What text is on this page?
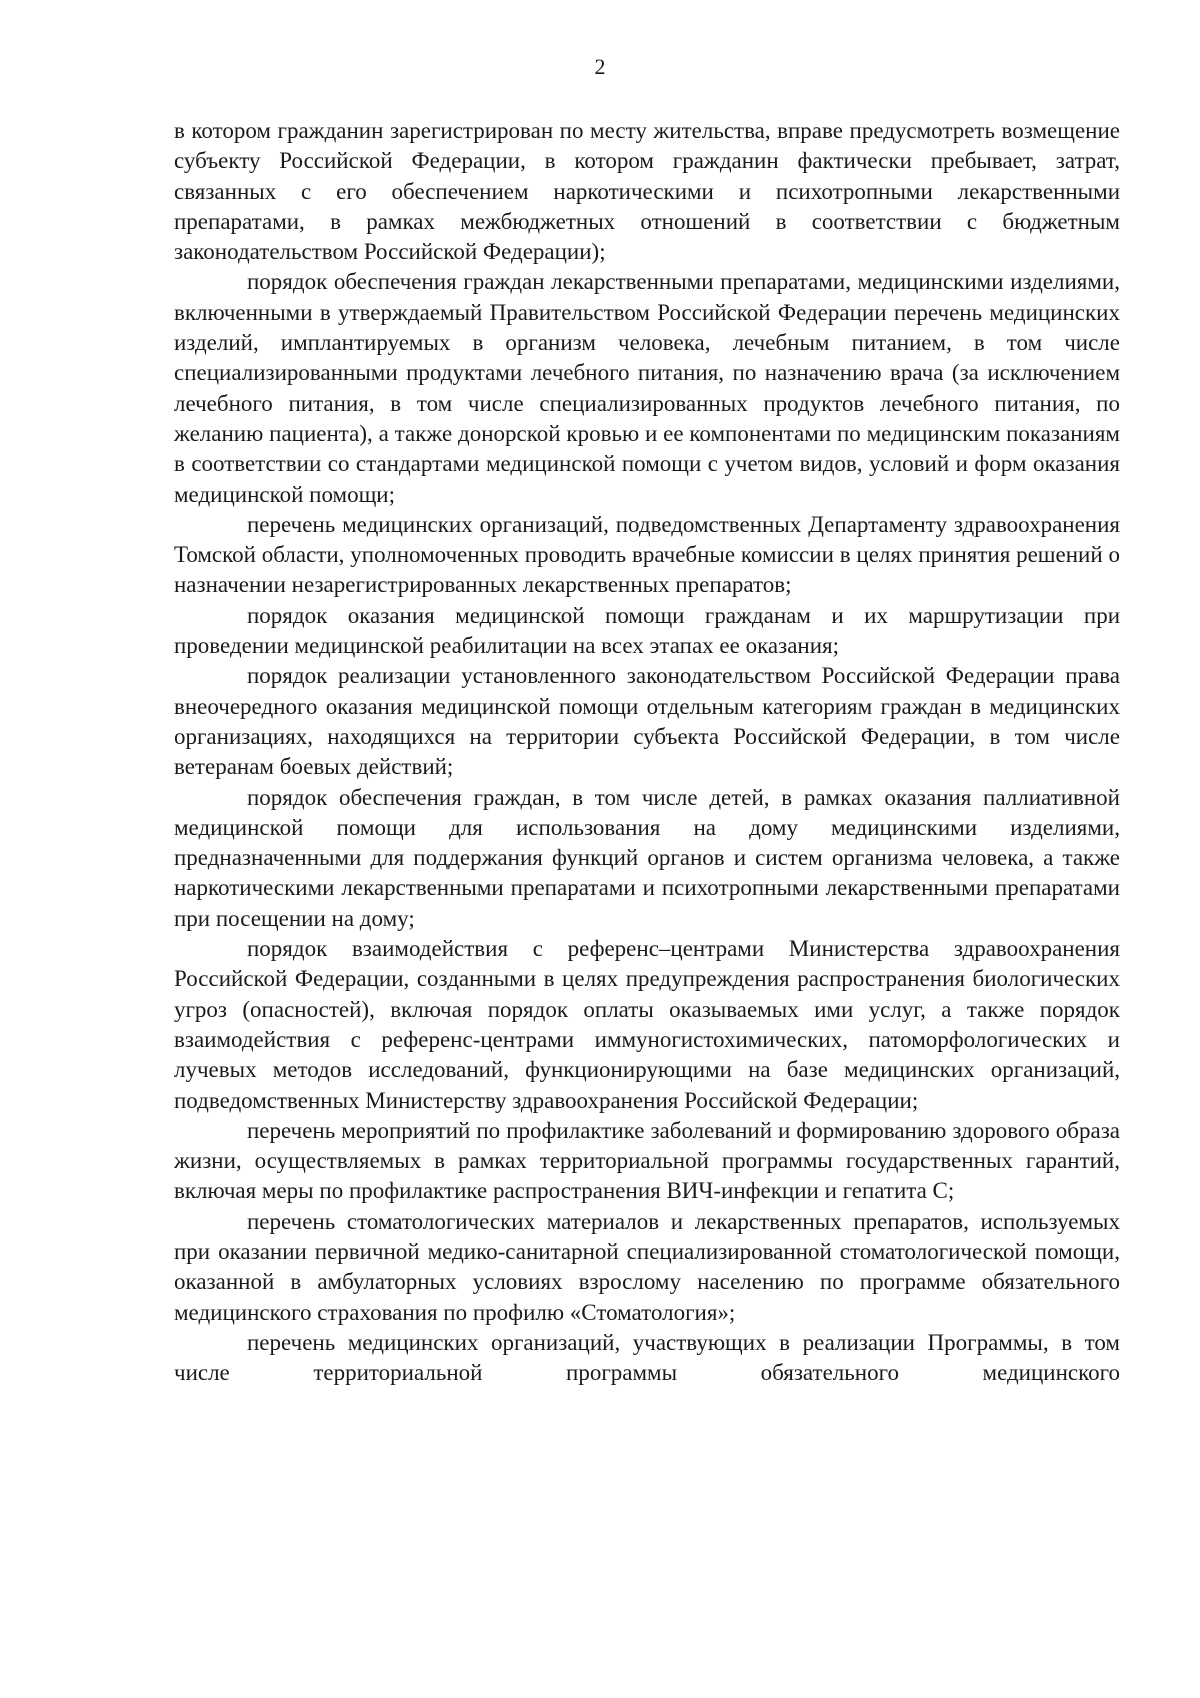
2

в котором гражданин зарегистрирован по месту жительства, вправе предусмотреть возмещение субъекту Российской Федерации, в котором гражданин фактически пребывает, затрат, связанных с его обеспечением наркотическими и психотропными лекарственными препаратами, в рамках межбюджетных отношений в соответствии с бюджетным законодательством Российской Федерации);

порядок обеспечения граждан лекарственными препаратами, медицинскими изделиями, включенными в утверждаемый Правительством Российской Федерации перечень медицинских изделий, имплантируемых в организм человека, лечебным питанием, в том числе специализированными продуктами лечебного питания, по назначению врача (за исключением лечебного питания, в том числе специализированных продуктов лечебного питания, по желанию пациента), а также донорской кровью и ее компонентами по медицинским показаниям в соответствии со стандартами медицинской помощи с учетом видов, условий и форм оказания медицинской помощи;

перечень медицинских организаций, подведомственных Департаменту здравоохранения Томской области, уполномоченных проводить врачебные комиссии в целях принятия решений о назначении незарегистрированных лекарственных препаратов;

порядок оказания медицинской помощи гражданам и их маршрутизации при проведении медицинской реабилитации на всех этапах ее оказания;

порядок реализации установленного законодательством Российской Федерации права внеочередного оказания медицинской помощи отдельным категориям граждан в медицинских организациях, находящихся на территории субъекта Российской Федерации, в том числе ветеранам боевых действий;

порядок обеспечения граждан, в том числе детей, в рамках оказания паллиативной медицинской помощи для использования на дому медицинскими изделиями, предназначенными для поддержания функций органов и систем организма человека, а также наркотическими лекарственными препаратами и психотропными лекарственными препаратами при посещении на дому;

порядок взаимодействия с референс–центрами Министерства здравоохранения Российской Федерации, созданными в целях предупреждения распространения биологических угроз (опасностей), включая порядок оплаты оказываемых ими услуг, а также порядок взаимодействия с референс-центрами иммуногистохимических, патоморфологических и лучевых методов исследований, функционирующими на базе медицинских организаций, подведомственных Министерству здравоохранения Российской Федерации;

перечень мероприятий по профилактике заболеваний и формированию здорового образа жизни, осуществляемых в рамках территориальной программы государственных гарантий, включая меры по профилактике распространения ВИЧ-инфекции и гепатита С;

перечень стоматологических материалов и лекарственных препаратов, используемых при оказании первичной медико-санитарной специализированной стоматологической помощи, оказанной в амбулаторных условиях взрослому населению по программе обязательного медицинского страхования по профилю «Стоматология»;

перечень медицинских организаций, участвующих в реализации Программы, в том числе территориальной программы обязательного медицинского
